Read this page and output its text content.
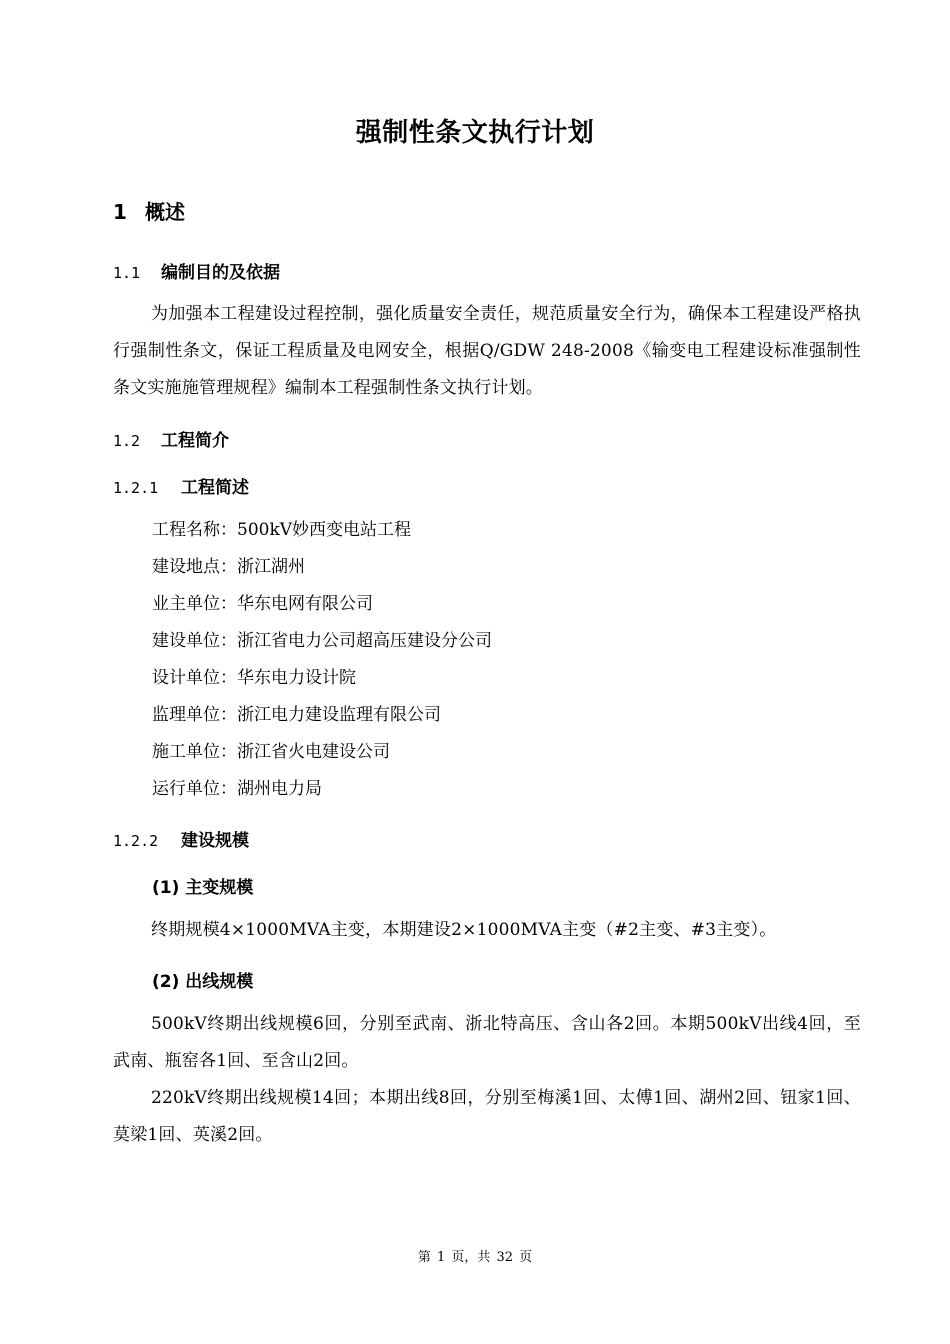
强制性条文执行计划
1 概述
1.1 编制目的及依据

为加强本工程建设过程控制，强化质量安全责任，规范质量安全行为，确保本工程建设严格执行强制性条文，保证工程质量及电网安全，根据Q/GDW 248-2008《输变电工程建设标准强制性条文实施施管理规程》编制本工程强制性条文执行计划。

1.2 工程简介
1.2.1 工程简述

工程名称：500kV妙西变电站工程

建设地点：浙江湖州

业主单位：华东电网有限公司

建设单位：浙江省电力公司超高压建设分公司

设计单位：华东电力设计院

监理单位：浙江电力建设监理有限公司

施工单位：浙江省火电建设公司

运行单位：湖州电力局

1.2.2 建设规模
(1) 主变规模

终期规模4×1000MVA主变，本期建设2×1000MVA主变（#2主变、#3主变）。

(2) 出线规模

500kV终期出线规模6回，分别至武南、浙北特高压、含山各2回。本期500kV出线4回，至武南、瓶窑各1回、至含山2回。

220kV终期出线规模14回；本期出线8回，分别至梅溪1回、太傅1回、湖州2回、钮家1回、莫梁1回、英溪2回。

第 1 页，共 32 页
